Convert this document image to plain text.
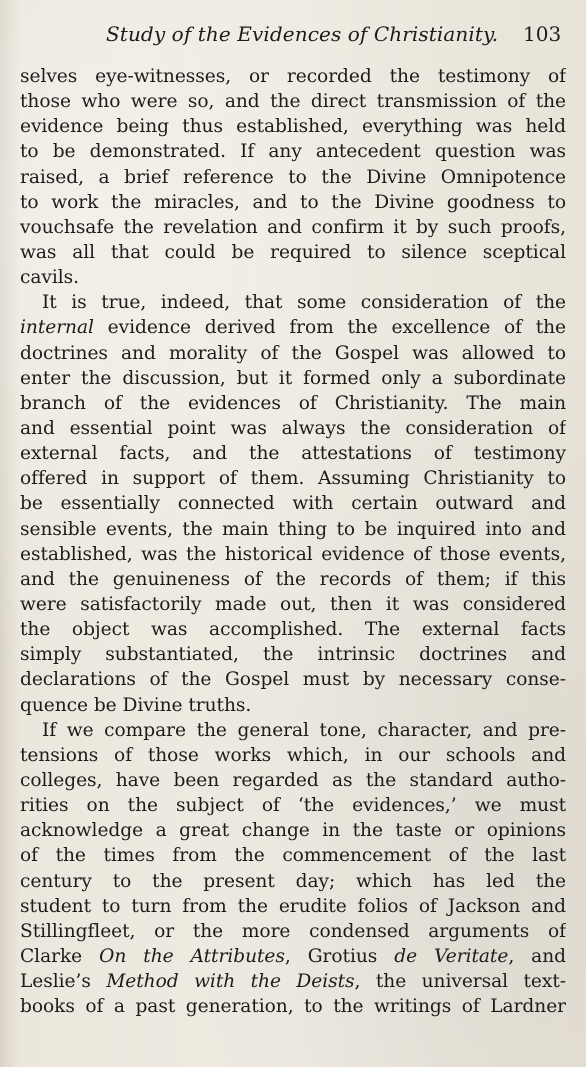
Study of the Evidences of Christianity. 103
selves eye-witnesses, or recorded the testimony of
those who were so, and the direct transmission of the
evidence being thus established, everything was held
to be demonstrated. If any antecedent question was
raised, a brief reference to the Divine Omnipotence
to work the miracles, and to the Divine goodness to
vouchsafe the revelation and confirm it by such proofs,
was all that could be required to silence sceptical
cavils.
It is true, indeed, that some consideration of the
internal evidence derived from the excellence of the
doctrines and morality of the Gospel was allowed to
enter the discussion, but it formed only a subordinate
branch of the evidences of Christianity. The main
and essential point was always the consideration of
external facts, and the attestations of testimony
offered in support of them. Assuming Christianity to
be essentially connected with certain outward and
sensible events, the main thing to be inquired into and
established, was the historical evidence of those events,
and the genuineness of the records of them; if this
were satisfactorily made out, then it was considered
the object was accomplished. The external facts
simply substantiated, the intrinsic doctrines and
declarations of the Gospel must by necessary conse-
quence be Divine truths.
If we compare the general tone, character, and pre-
tensions of those works which, in our schools and
colleges, have been regarded as the standard autho-
rities on the subject of ‘the evidences,’ we must
acknowledge a great change in the taste or opinions
of the times from the commencement of the last
century to the present day; which has led the
student to turn from the erudite folios of Jackson and
Stillingfleet, or the more condensed arguments of
Clarke On the Attributes, Grotius de Veritate, and
Leslie’s Method with the Deists, the universal text-
books of a past generation, to the writings of Lardner
